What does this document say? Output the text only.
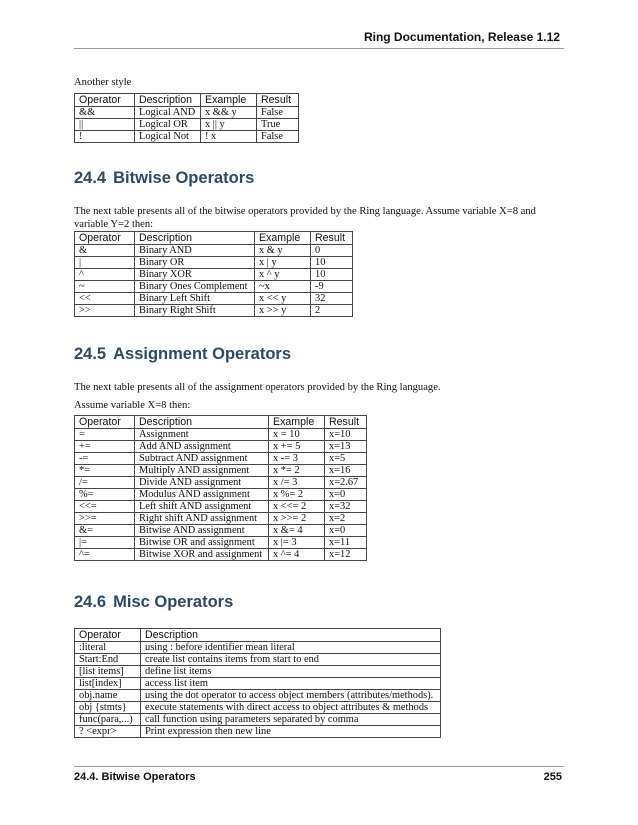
Ring Documentation, Release 1.12
Another style
Operator	Description	Example	Result
&&	Logical AND	x && y	False
||	Logical OR	x || y	True
!	Logical Not	! x	False
24.4 Bitwise Operators
The next table presents all of the bitwise operators provided by the Ring language. Assume variable X=8 and variable Y=2 then:
Operator	Description	Example	Result
&	Binary AND	x & y	0
|	Binary OR	x | y	10
^	Binary XOR	x ^ y	10
~	Binary Ones Complement	~x	-9
<<	Binary Left Shift	x << y	32
>>	Binary Right Shift	x >> y	2
24.5 Assignment Operators
The next table presents all of the assignment operators provided by the Ring language.
Assume variable X=8 then:
Operator	Description	Example	Result
=	Assignment	x = 10	x=10
+=	Add AND assignment	x += 5	x=13
-=	Subtract AND assignment	x -= 3	x=5
*=	Multiply AND assignment	x *= 2	x=16
/=	Divide AND assignment	x /= 3	x=2.67
%=	Modulus AND assignment	x %= 2	x=0
<<=	Left shift AND assignment	x <<= 2	x=32
>>=	Right shift AND assignment	x >>= 2	x=2
&=	Bitwise AND assignment	x &= 4	x=0
|=	Bitwise OR and assignment	x |= 3	x=11
^=	Bitwise XOR and assignment	x ^= 4	x=12
24.6 Misc Operators
Operator	Description
:literal	using : before identifier mean literal
Start:End	create list contains items from start to end
[list items]	define list items
list[index]	access list item
obj.name	using the dot operator to access object members (attributes/methods).
obj {stmts}	execute statements with direct access to object attributes & methods
func(para,...)	call function using parameters separated by comma
? <expr>	Print expression then new line
24.4. Bitwise Operators	255
